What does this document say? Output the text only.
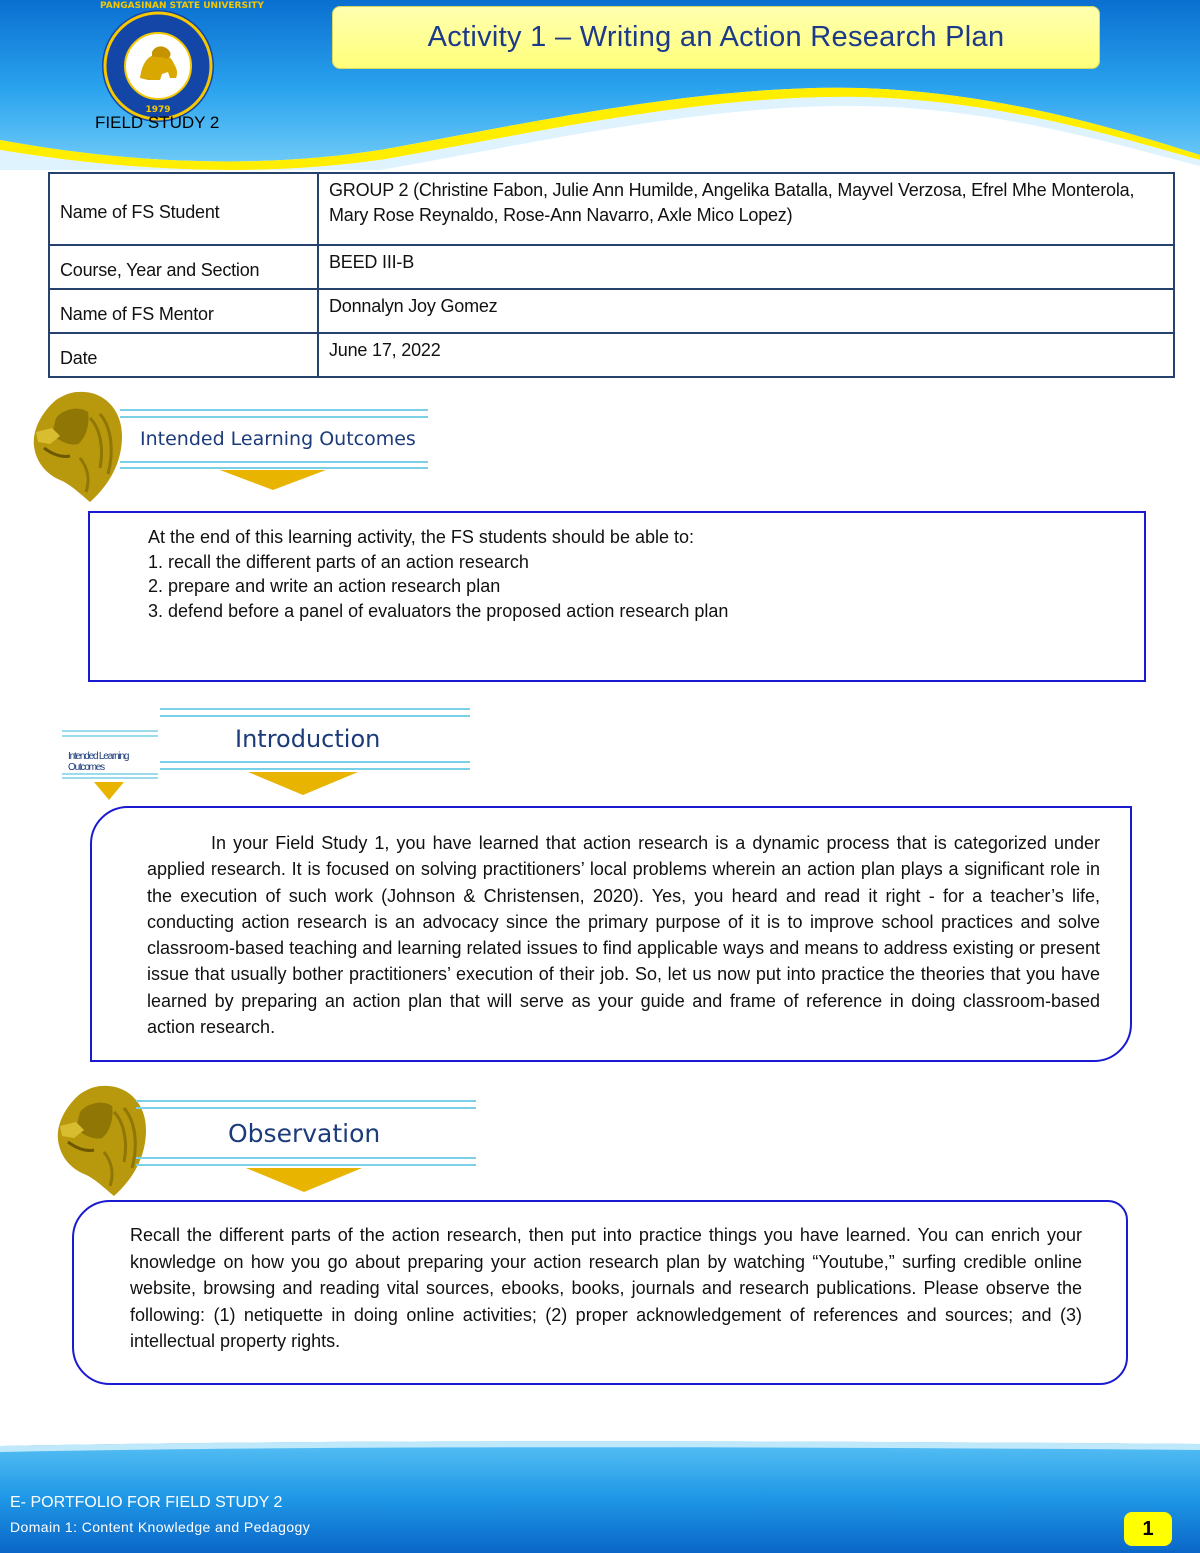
Activity 1 – Writing an Action Research Plan
PANGASINAN STATE UNIVERSITY
1979
FIELD STUDY 2
Name of FS Student	GROUP 2 (Christine Fabon, Julie Ann Humilde, Angelika Batalla, Mayvel Verzosa, Efrel Mhe Monterola,
Mary Rose Reynaldo, Rose-Ann Navarro, Axle Mico Lopez)

Course, Year and Section	BEED III-B
Name of FS Mentor	Donnalyn Joy Gomez
Date	June 17, 2022
Intended Learning Outcomes
At the end of this learning activity, the FS students should be able to:
1. recall the different parts of an action research
2. prepare and write an action research plan
3. defend before a panel of evaluators the proposed action research plan
Intended Learning Outcomes
Introduction

In your Field Study 1, you have learned that action research is a dynamic process that is categorized under applied research. It is focused on solving practitioners’ local problems wherein an action plan plays a significant role in the execution of such work (Johnson & Christensen, 2020). Yes, you heard and read it right - for a teacher’s life, conducting action research is an advocacy since the primary purpose of it is to improve school practices and solve classroom-based teaching and learning related issues to find applicable ways and means to address existing or present issue that usually bother practitioners’ execution of their job. So, let us now put into practice the theories that you have learned by preparing an action plan that will serve as your guide and frame of reference in doing classroom-based action research.

Observation

Recall the different parts of the action research, then put into practice things you have learned. You can enrich your knowledge on how you go about preparing your action research plan by watching “Youtube,” surfing credible online website, browsing and reading vital sources, ebooks, books, journals and research publications. Please observe the following: (1) netiquette in doing online activities; (2) proper acknowledgement of references and sources; and (3) intellectual property rights.

E- PORTFOLIO FOR FIELD STUDY 2
Domain 1: Content Knowledge and Pedagogy	1
